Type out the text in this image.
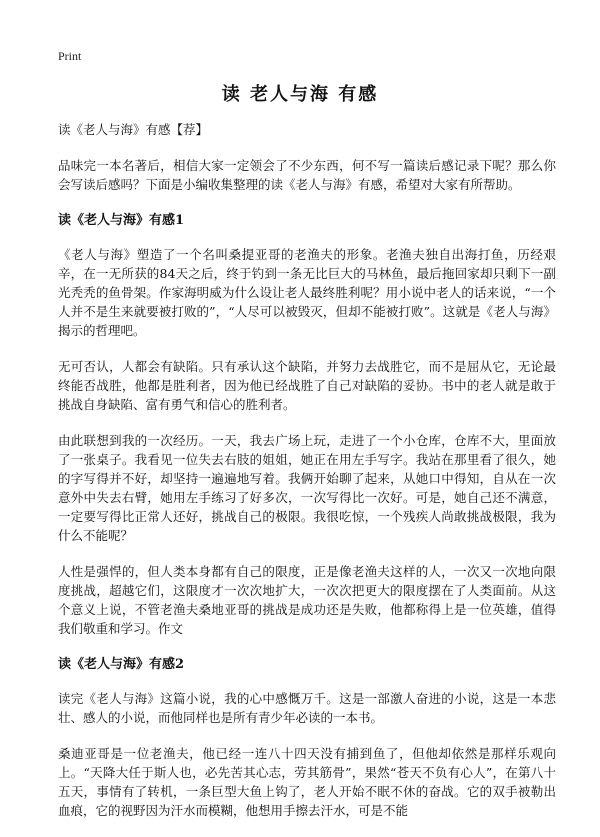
Print
读 老人与海 有感

读《老人与海》有感【荐】

品味完一本名著后，相信大家一定领会了不少东西，何不写一篇读后感记录下呢？那么你会写读后感吗？下面是小编收集整理的读《老人与海》有感，希望对大家有所帮助。

读《老人与海》有感1

《老人与海》塑造了一个名叫桑提亚哥的老渔夫的形象。老渔夫独自出海打鱼，历经艰辛，在一无所获的84天之后，终于钓到一条无比巨大的马林鱼，最后拖回家却只剩下一副光秃秃的鱼骨架。作家海明威为什么设让老人最终胜利呢？用小说中老人的话来说，“一个人并不是生来就要被打败的”，“人尽可以被毁灭，但却不能被打败”。这就是《老人与海》揭示的哲理吧。

无可否认，人都会有缺陷。只有承认这个缺陷，并努力去战胜它，而不是屈从它，无论最终能否战胜，他都是胜利者，因为他已经战胜了自己对缺陷的妥协。书中的老人就是敢于挑战自身缺陷、富有勇气和信心的胜利者。

由此联想到我的一次经历。一天，我去广场上玩，走进了一个小仓库，仓库不大，里面放了一张桌子。我看见一位失去右肢的姐姐，她正在用左手写字。我站在那里看了很久，她的字写得并不好，却坚持一遍遍地写着。我俩开始聊了起来，从她口中得知，自从在一次意外中失去右臂，她用左手练习了好多次，一次写得比一次好。可是，她自己还不满意，一定要写得比正常人还好，挑战自己的极限。我很吃惊，一个残疾人尚敢挑战极限，我为什么不能呢？

人性是强悍的，但人类本身都有自己的限度，正是像老渔夫这样的人，一次又一次地向限度挑战，超越它们，这限度才一次次地扩大，一次次把更大的限度摆在了人类面前。从这个意义上说，不管老渔夫桑地亚哥的挑战是成功还是失败，他都称得上是一位英雄，值得我们敬重和学习。作文

读《老人与海》有感2

读完《老人与海》这篇小说，我的心中感慨万千。这是一部激人奋进的小说，这是一本悲壮、感人的小说，而他同样也是所有青少年必读的一本书。

桑迪亚哥是一位老渔夫，他已经一连八十四天没有捕到鱼了，但他却依然是那样乐观向上。“天降大任于斯人也，必先苦其心志，劳其筋骨”，果然“苍天不负有心人”，在第八十五天，事情有了转机，一条巨型大鱼上钩了，老人开始不眠不休的奋战。它的双手被勒出血痕，它的视野因为汗水而模糊，他想用手擦去汗水，可是不能
